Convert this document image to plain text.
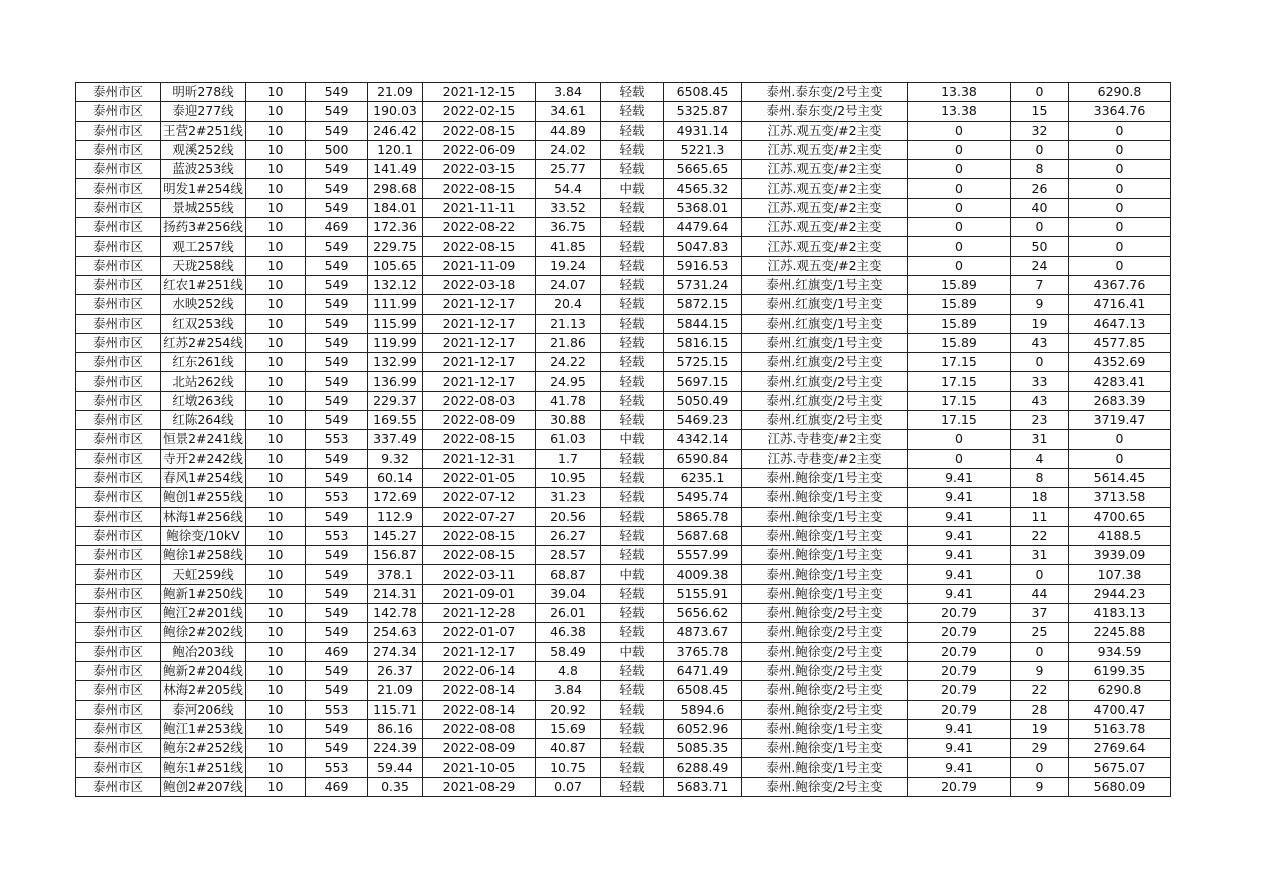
泰州市区	明昕278线	10	549	21.09	2021-12-15	3.84	轻载	6508.45	泰州.泰东变/2号主变	13.38	0	6290.8
泰州市区	泰迎277线	10	549	190.03	2022-02-15	34.61	轻载	5325.87	泰州.泰东变/2号主变	13.38	15	3364.76
泰州市区	王营2#251线	10	549	246.42	2022-08-15	44.89	轻载	4931.14	江苏.观五变/#2主变	0	32	0
泰州市区	观溪252线	10	500	120.1	2022-06-09	24.02	轻载	5221.3	江苏.观五变/#2主变	0	0	0
泰州市区	蓝波253线	10	549	141.49	2022-03-15	25.77	轻载	5665.65	江苏.观五变/#2主变	0	8	0
泰州市区	明发1#254线	10	549	298.68	2022-08-15	54.4	中载	4565.32	江苏.观五变/#2主变	0	26	0
泰州市区	景城255线	10	549	184.01	2021-11-11	33.52	轻载	5368.01	江苏.观五变/#2主变	0	40	0
泰州市区	扬药3#256线	10	469	172.36	2022-08-22	36.75	轻载	4479.64	江苏.观五变/#2主变	0	0	0
泰州市区	观工257线	10	549	229.75	2022-08-15	41.85	轻载	5047.83	江苏.观五变/#2主变	0	50	0
泰州市区	天珑258线	10	549	105.65	2021-11-09	19.24	轻载	5916.53	江苏.观五变/#2主变	0	24	0
泰州市区	红农1#251线	10	549	132.12	2022-03-18	24.07	轻载	5731.24	泰州.红旗变/1号主变	15.89	7	4367.76
泰州市区	水映252线	10	549	111.99	2021-12-17	20.4	轻载	5872.15	泰州.红旗变/1号主变	15.89	9	4716.41
泰州市区	红双253线	10	549	115.99	2021-12-17	21.13	轻载	5844.15	泰州.红旗变/1号主变	15.89	19	4647.13
泰州市区	红苏2#254线	10	549	119.99	2021-12-17	21.86	轻载	5816.15	泰州.红旗变/1号主变	15.89	43	4577.85
泰州市区	红东261线	10	549	132.99	2021-12-17	24.22	轻载	5725.15	泰州.红旗变/2号主变	17.15	0	4352.69
泰州市区	北站262线	10	549	136.99	2021-12-17	24.95	轻载	5697.15	泰州.红旗变/2号主变	17.15	33	4283.41
泰州市区	红墩263线	10	549	229.37	2022-08-03	41.78	轻载	5050.49	泰州.红旗变/2号主变	17.15	43	2683.39
泰州市区	红陈264线	10	549	169.55	2022-08-09	30.88	轻载	5469.23	泰州.红旗变/2号主变	17.15	23	3719.47
泰州市区	恒景2#241线	10	553	337.49	2022-08-15	61.03	中载	4342.14	江苏.寺巷变/#2主变	0	31	0
泰州市区	寺开2#242线	10	549	9.32	2021-12-31	1.7	轻载	6590.84	江苏.寺巷变/#2主变	0	4	0
泰州市区	春风1#254线	10	549	60.14	2022-01-05	10.95	轻载	6235.1	泰州.鲍徐变/1号主变	9.41	8	5614.45
泰州市区	鲍创1#255线	10	553	172.69	2022-07-12	31.23	轻载	5495.74	泰州.鲍徐变/1号主变	9.41	18	3713.58
泰州市区	林海1#256线	10	549	112.9	2022-07-27	20.56	轻载	5865.78	泰州.鲍徐变/1号主变	9.41	11	4700.65
泰州市区	鲍徐变/10kV	10	553	145.27	2022-08-15	26.27	轻载	5687.68	泰州.鲍徐变/1号主变	9.41	22	4188.5
泰州市区	鲍徐1#258线	10	549	156.87	2022-08-15	28.57	轻载	5557.99	泰州.鲍徐变/1号主变	9.41	31	3939.09
泰州市区	天虹259线	10	549	378.1	2022-03-11	68.87	中载	4009.38	泰州.鲍徐变/1号主变	9.41	0	107.38
泰州市区	鲍新1#250线	10	549	214.31	2021-09-01	39.04	轻载	5155.91	泰州.鲍徐变/1号主变	9.41	44	2944.23
泰州市区	鲍江2#201线	10	549	142.78	2021-12-28	26.01	轻载	5656.62	泰州.鲍徐变/2号主变	20.79	37	4183.13
泰州市区	鲍徐2#202线	10	549	254.63	2022-01-07	46.38	轻载	4873.67	泰州.鲍徐变/2号主变	20.79	25	2245.88
泰州市区	鲍冶203线	10	469	274.34	2021-12-17	58.49	中载	3765.78	泰州.鲍徐变/2号主变	20.79	0	934.59
泰州市区	鲍新2#204线	10	549	26.37	2022-06-14	4.8	轻载	6471.49	泰州.鲍徐变/2号主变	20.79	9	6199.35
泰州市区	林海2#205线	10	549	21.09	2022-08-14	3.84	轻载	6508.45	泰州.鲍徐变/2号主变	20.79	22	6290.8
泰州市区	泰河206线	10	553	115.71	2022-08-14	20.92	轻载	5894.6	泰州.鲍徐变/2号主变	20.79	28	4700.47
泰州市区	鲍江1#253线	10	549	86.16	2022-08-08	15.69	轻载	6052.96	泰州.鲍徐变/1号主变	9.41	19	5163.78
泰州市区	鲍东2#252线	10	549	224.39	2022-08-09	40.87	轻载	5085.35	泰州.鲍徐变/1号主变	9.41	29	2769.64
泰州市区	鲍东1#251线	10	553	59.44	2021-10-05	10.75	轻载	6288.49	泰州.鲍徐变/1号主变	9.41	0	5675.07
泰州市区	鲍创2#207线	10	469	0.35	2021-08-29	0.07	轻载	5683.71	泰州.鲍徐变/2号主变	20.79	9	5680.09
